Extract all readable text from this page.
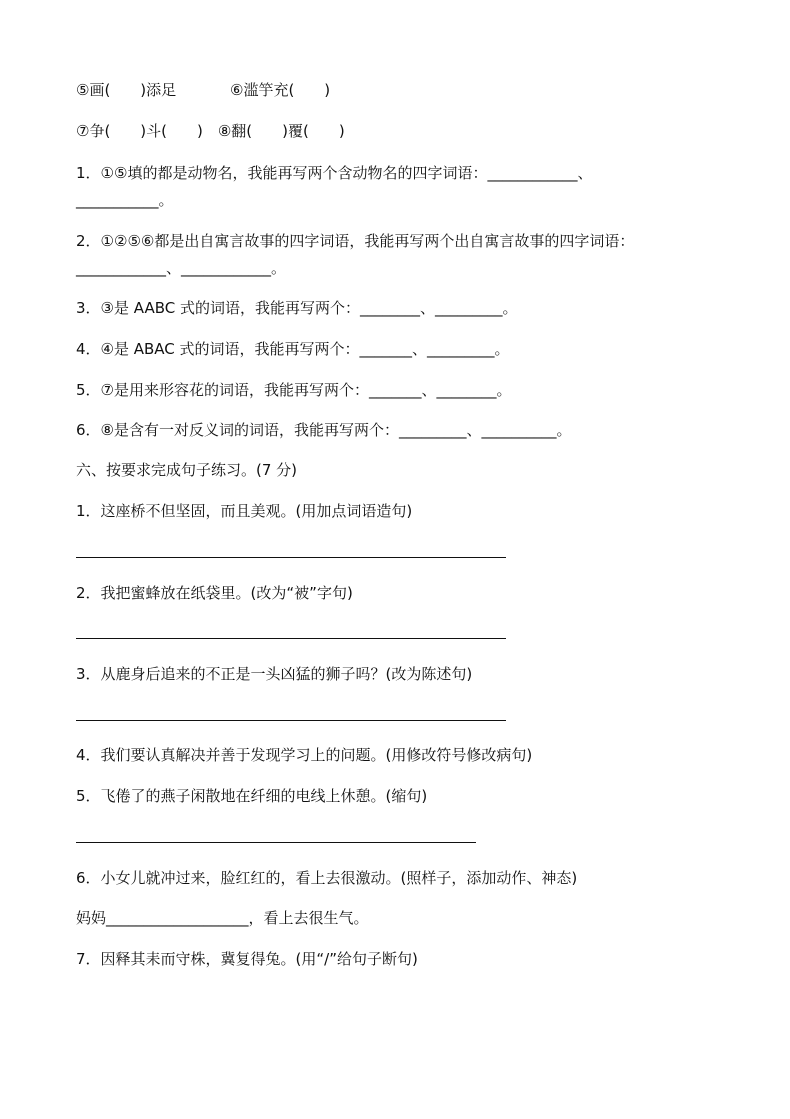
⑤画(　　)添足	⑥滥竽充(　　)
⑦争(　　)斗(　　)　⑧翻(　　)覆(　　)
1．①⑤填的都是动物名，我能再写两个含动物名的四字词语：____________、
___________。
2．①②⑤⑥都是出自寓言故事的四字词语，我能再写两个出自寓言故事的四字词语：
____________、____________。
3．③是 AABC 式的词语，我能再写两个：________、_________。
4．④是 ABAC 式的词语，我能再写两个：_______、_________。
5．⑦是用来形容花的词语，我能再写两个：_______、________。
6．⑧是含有一对反义词的词语，我能再写两个：_________、__________。
六、按要求完成句子练习。(7 分)
1．这座桥不但坚固，而且美观。(用加点词语造句)
2．我把蜜蜂放在纸袋里。(改为“被”字句)
3．从鹿身后追来的不正是一头凶猛的狮子吗？(改为陈述句)
4．我们要认真解决并善于发现学习上的问题。(用修改符号修改病句)
5．飞倦了的燕子闲散地在纤细的电线上休憩。(缩句)
6．小女儿就冲过来，脸红红的，看上去很激动。(照样子，添加动作、神态)
妈妈___________________，看上去很生气。
7．因释其耒而守株，冀复得兔。(用“/”给句子断句)
